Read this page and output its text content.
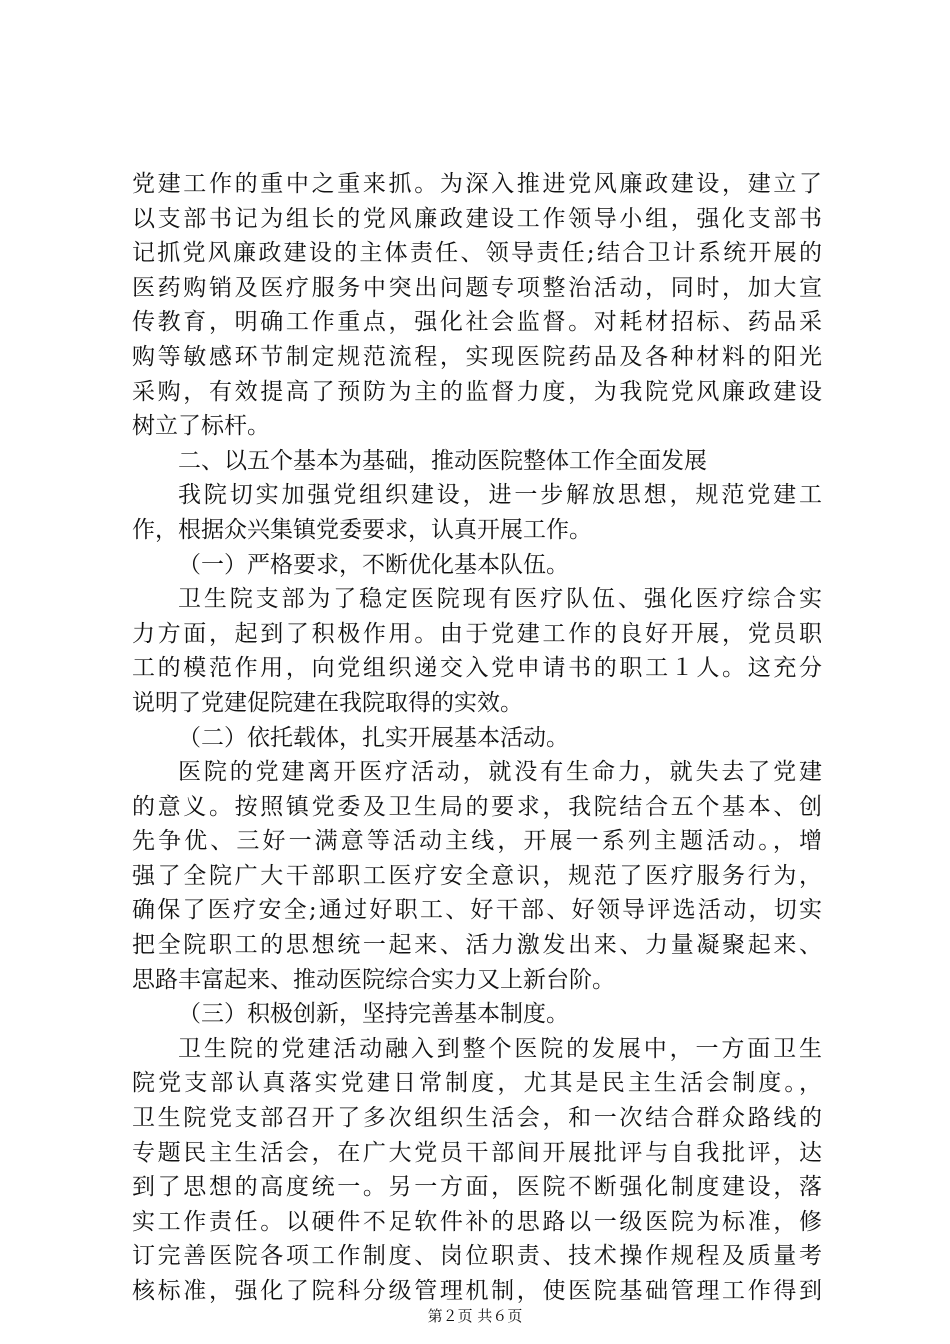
党建工作的重中之重来抓。为深入推进党风廉政建设，建立了
以支部书记为组长的党风廉政建设工作领导小组，强化支部书
记抓党风廉政建设的主体责任、领导责任;结合卫计系统开展的
医药购销及医疗服务中突出问题专项整治活动，同时，加大宣
传教育，明确工作重点，强化社会监督。对耗材招标、药品采
购等敏感环节制定规范流程，实现医院药品及各种材料的阳光
采购，有效提高了预防为主的监督力度，为我院党风廉政建设
树立了标杆。
二、以五个基本为基础，推动医院整体工作全面发展
我院切实加强党组织建设，进一步解放思想，规范党建工
作，根据众兴集镇党委要求，认真开展工作。
（一）严格要求，不断优化基本队伍。
卫生院支部为了稳定医院现有医疗队伍、强化医疗综合实
力方面，起到了积极作用。由于党建工作的良好开展，党员职
工的模范作用，向党组织递交入党申请书的职工１人。这充分
说明了党建促院建在我院取得的实效。
（二）依托载体，扎实开展基本活动。
医院的党建离开医疗活动，就没有生命力，就失去了党建
的意义。按照镇党委及卫生局的要求，我院结合五个基本、创
先争优、三好一满意等活动主线，开展一系列主题活动。，增
强了全院广大干部职工医疗安全意识，规范了医疗服务行为，
确保了医疗安全;通过好职工、好干部、好领导评选活动，切实
把全院职工的思想统一起来、活力激发出来、力量凝聚起来、
思路丰富起来、推动医院综合实力又上新台阶。
（三）积极创新，坚持完善基本制度。
卫生院的党建活动融入到整个医院的发展中，一方面卫生
院党支部认真落实党建日常制度，尤其是民主生活会制度。，
卫生院党支部召开了多次组织生活会，和一次结合群众路线的
专题民主生活会，在广大党员干部间开展批评与自我批评，达
到了思想的高度统一。另一方面，医院不断强化制度建设，落
实工作责任。以硬件不足软件补的思路以一级医院为标准，修
订完善医院各项工作制度、岗位职责、技术操作规程及质量考
核标准，强化了院科分级管理机制，使医院基础管理工作得到
第２页 共６页
